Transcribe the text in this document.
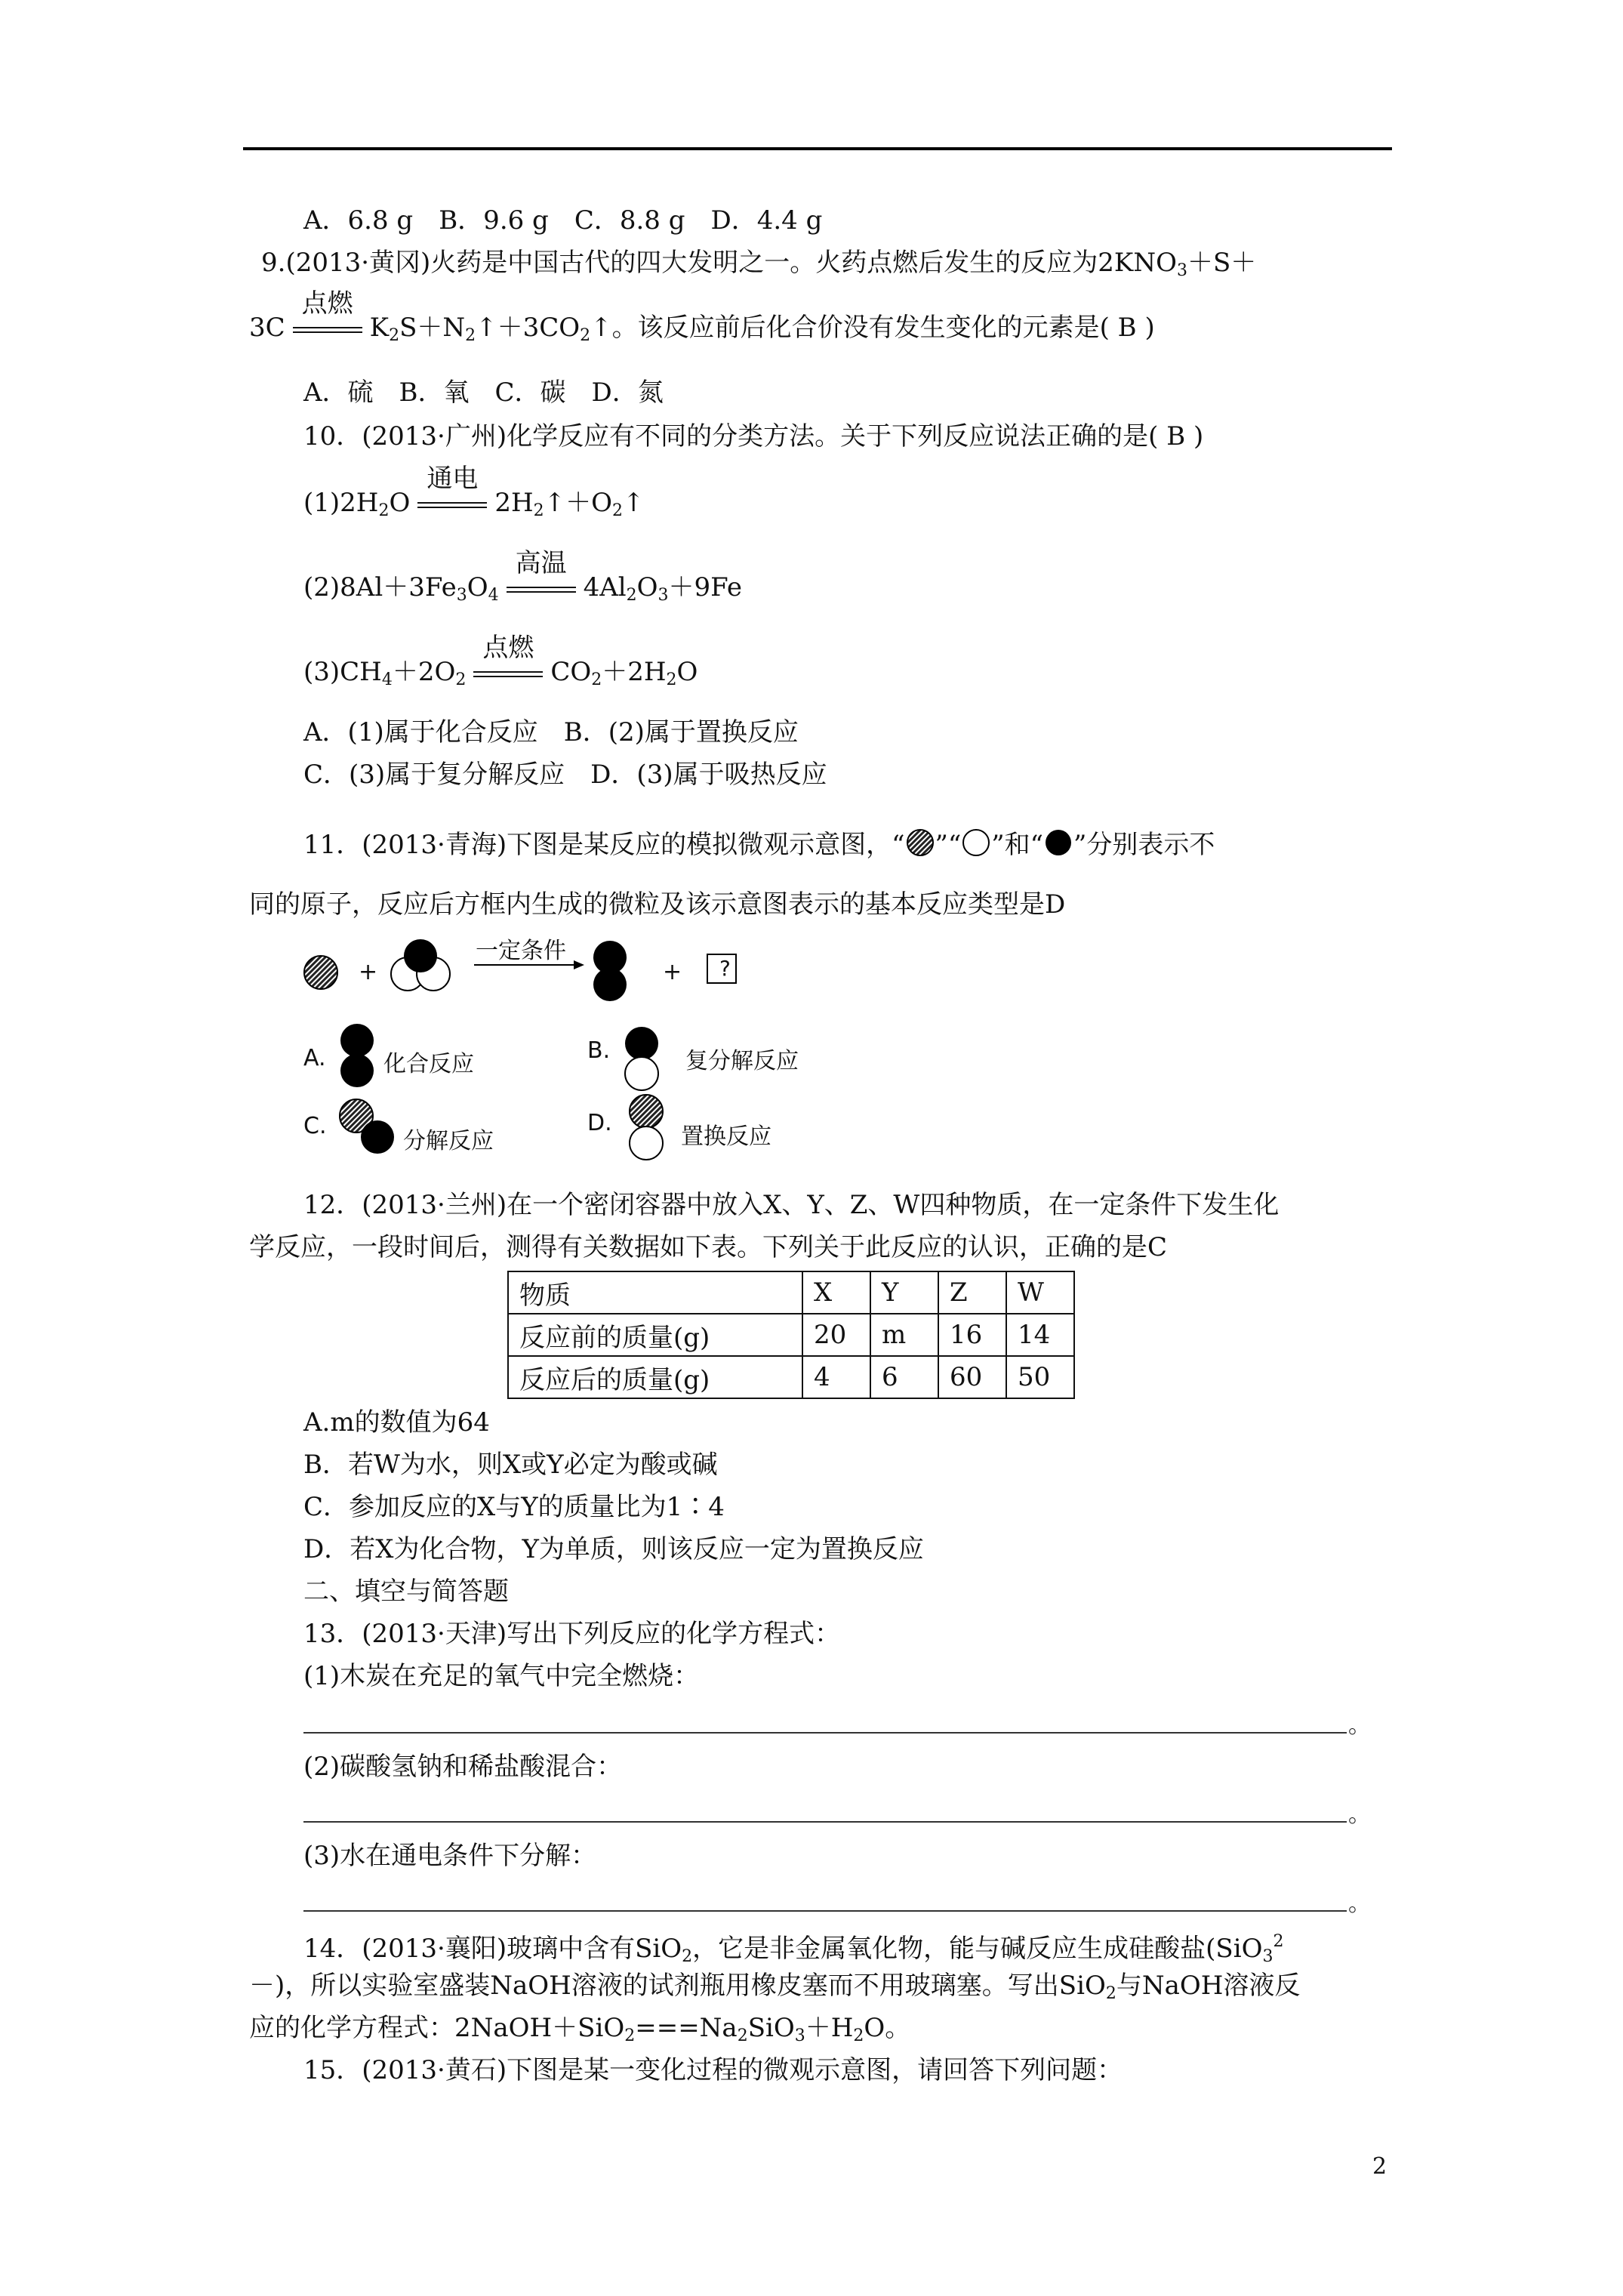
A．6.8 g　B．9.6 g　C．8.8 g　D．4.4 g
9.(2013·黄冈)火药是中国古代的四大发明之一。火药点燃后发生的反应为$2KNO_3+S+$
3C
点燃
$K_2S+N_2↑+3CO_2↑$。该反应前后化合价没有发生变化的元素是( B )
A．硫　B．氧　C．碳　D．氮
10．(2013·广州)化学反应有不同的分类方法。关于下列反应说法正确的是( B )
$(1)2H_2O$
通电
$2H_2↑+O_2↑$
$(2)8Al+3Fe_3O_4$
高温
$4Al_2O_3+9Fe$
$(3)CH_4+2O_2$
点燃
$CO_2+2H_2O$
A．(1)属于化合反应　B．(2)属于置换反应
C．(3)属于复分解反应　D．(3)属于吸热反应
11．(2013·青海)下图是某反应的模拟微观示意图，“ ”“ ”和“ ”分别表示不
同的原子，反应后方框内生成的微粒及该示意图表示的基本反应类型是D
+	+
一定条件
?
A.	化合反应
B.	复分解反应
C.
分解反应
D.
置换反应
12．(2013·兰州)在一个密闭容器中放入X、Y、Z、W四种物质，在一定条件下发生化
学反应，一段时间后，测得有关数据如下表。下列关于此反应的认识，正确的是C
物质	X	Y	Z	W
反应前的质量(g)	20	m	16	14
反应后的质量(g)	4	6	60	50
A.m的数值为64
B．若W为水，则X或Y必定为酸或碱
C．参加反应的X与Y的质量比为1∶4
D．若X为化合物，Y为单质，则该反应一定为置换反应
二、填空与简答题
13．(2013·天津)写出下列反应的化学方程式：
(1)木炭在充足的氧气中完全燃烧：
。
(2)碳酸氢钠和稀盐酸混合：
。
(3)水在通电条件下分解：
。
14．(2013·襄阳)玻璃中含有SiO$_2$，它是非金属氧化物，能与碱反应生成硅酸盐(SiO$_3^2$
－)，所以实验室盛装NaOH溶液的试剂瓶用橡皮塞而不用玻璃塞。写出SiO$_2$与NaOH溶液反
应的化学方程式：$2NaOH+SiO_2===Na_2SiO_3+H_2O$。
15．(2013·黄石)下图是某一变化过程的微观示意图，请回答下列问题：
2
